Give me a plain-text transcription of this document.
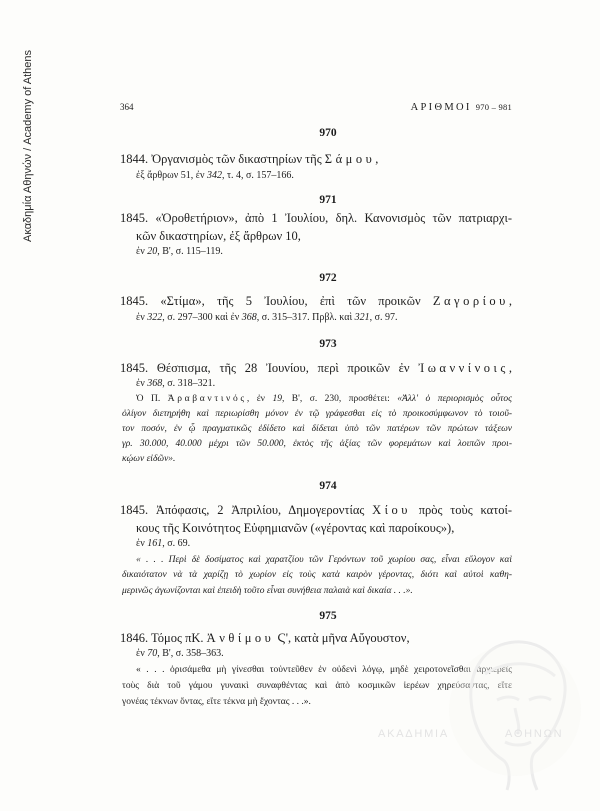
Ακαδημία Αθηνών / Academy of Athens	364	ΑΡΙΘΜΟΙ 970 – 981
970
1844. Ὀργανισμὸς τῶν δικαστηρίων τῆς Σάμου,
ἐξ ἄρθρων 51, ἐν 342, τ. 4, σ. 157–166.
971
1845. «Ὀροθετήριον», ἀπὸ 1 Ἰουλίου, δηλ. Κανονισμὸς τῶν πατριαρχι-
κῶν δικαστηρίων, ἐξ ἄρθρων 10,
ἐν 20, Β', σ. 115–119.
972
1845. «Στίμα», τῆς 5 Ἰουλίου, ἐπὶ τῶν προικῶν Ζαγορίου,
ἐν 322, σ. 297–300 καὶ ἐν 368, σ. 315–317. Πρβλ. καὶ 321, σ. 97.
973
1845. Θέσπισμα, τῆς 28 Ἰουνίου, περὶ προικῶν ἐν Ἰωαννίνοις,
ἐν 368, σ. 318–321.
Ὁ Π. Ἀραβαντινός, ἐν 19, Β', σ. 230, προσθέτει: «Ἀλλ' ὁ περιορισμὸς οὗτος
ὀλίγον διετηρήθη καὶ περιωρίσθη μόνον ἐν τῷ γράφεσθαι εἰς τὸ προικοσύμφωνον τὸ τοιοῦ-
τον ποσόν, ἐν ᾧ πραγματικῶς ἐδίδετο καὶ δίδεται ὑπὸ τῶν πατέρων τῶν πρώτων τάξεων
γρ. 30.000, 40.000 μέχρι τῶν 50.000, ἐκτὸς τῆς ἀξίας τῶν φορεμάτων καὶ λοιπῶν προι-
κῴων εἰδῶν».
974
1845. Ἀπόφασις, 2 Ἀπριλίου, Δημογεροντίας Χίου πρὸς τοὺς κατοί-
κους τῆς Κοινότητος Εὐφημιανῶν («γέροντας καὶ παροίκους»),
ἐν 161, σ. 69.
« . . . Περὶ δὲ δοσίματος καὶ χαρατζίου τῶν Γερόντων τοῦ χωρίου σας, εἶναι εὔλογον καὶ
δικαιότατον νὰ τὰ χαρίζῃ τὸ χωρίον εἰς τοὺς κατὰ καιρὸν γέροντας, διότι καὶ αὐτοὶ καθη-
μερινῶς ἀγωνίζονται καὶ ἐπειδὴ τοῦτο εἶναι συνήθεια παλαιὰ καὶ δικαία . . .».
975
1846. Τόμος πΚ. Ἀνθίμου Ϛ', κατὰ μῆνα Αὔγουστον,
ἐν 70, Β', σ. 358–363.
« . . . ὁρισάμεθα μὴ γίνεσθαι τοὐντεῦθεν ἐν οὐδενὶ λόγῳ, μηδὲ χειροτονεῖσθαι ἀρχιερεῖς
τοὺς διὰ τοῦ γάμου γυναικὶ συναφθέντας καὶ ἀπὸ κοσμικῶν ἱερέων χηρεύσαντας, εἴτε
γονέας τέκνων ὄντας, εἴτε τέκνα μὴ ἔχοντας . . .».
ΑΚΑΔΗΜΙΑ	ΑΘΗΝΩΝ
